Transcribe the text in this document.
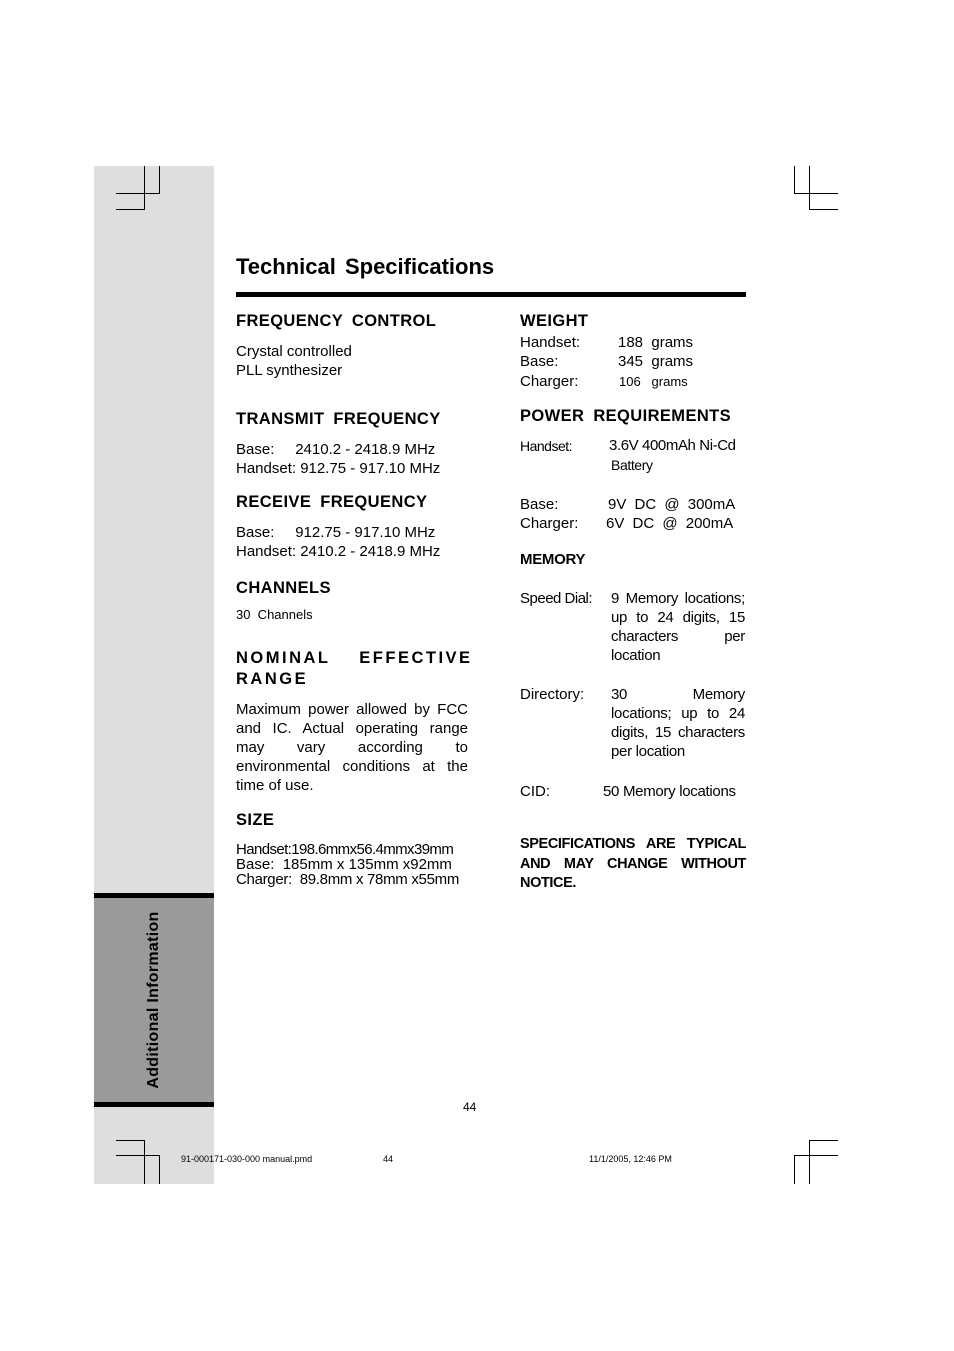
Additional Information
Technical Specifications
FREQUENCY CONTROL
Crystal controlled
PLL synthesizer
TRANSMIT FREQUENCY
Base:     2410.2 - 2418.9 MHz
Handset: 912.75 - 917.10 MHz
RECEIVE FREQUENCY
Base:     912.75 - 917.10 MHz
Handset: 2410.2 - 2418.9 MHz
CHANNELS
30  Channels
NOMINAL EFFECTIVE
RANGE
Maximum power allowed by FCC and IC. Actual operating range may vary according to environmental conditions at the time of use.
SIZE
Handset:198.6mmx56.4mmx39mm
Base:  185mm x 135mm x92mm
Charger:  89.8mm x 78mm x55mm
WEIGHT
Handset:	188  grams
Base:	345  grams
Charger:	106   grams
POWER REQUIREMENTS
Handset: 3.6V 400mAh Ni-Cd
Battery
Base:	9V DC @ 300mA
Charger: 6V DC @ 200mA
MEMORY
Speed Dial: 9 Memory locations; up to 24 digits, 15 characters per location
Directory: 30 Memory locations; up to 24 digits, 15 characters per location
CID:	50 Memory locations
SPECIFICATIONS ARE TYPICAL AND MAY CHANGE WITHOUT NOTICE.
44
91-000171-030-000 manual.pmd	44	11/1/2005, 12:46 PM
